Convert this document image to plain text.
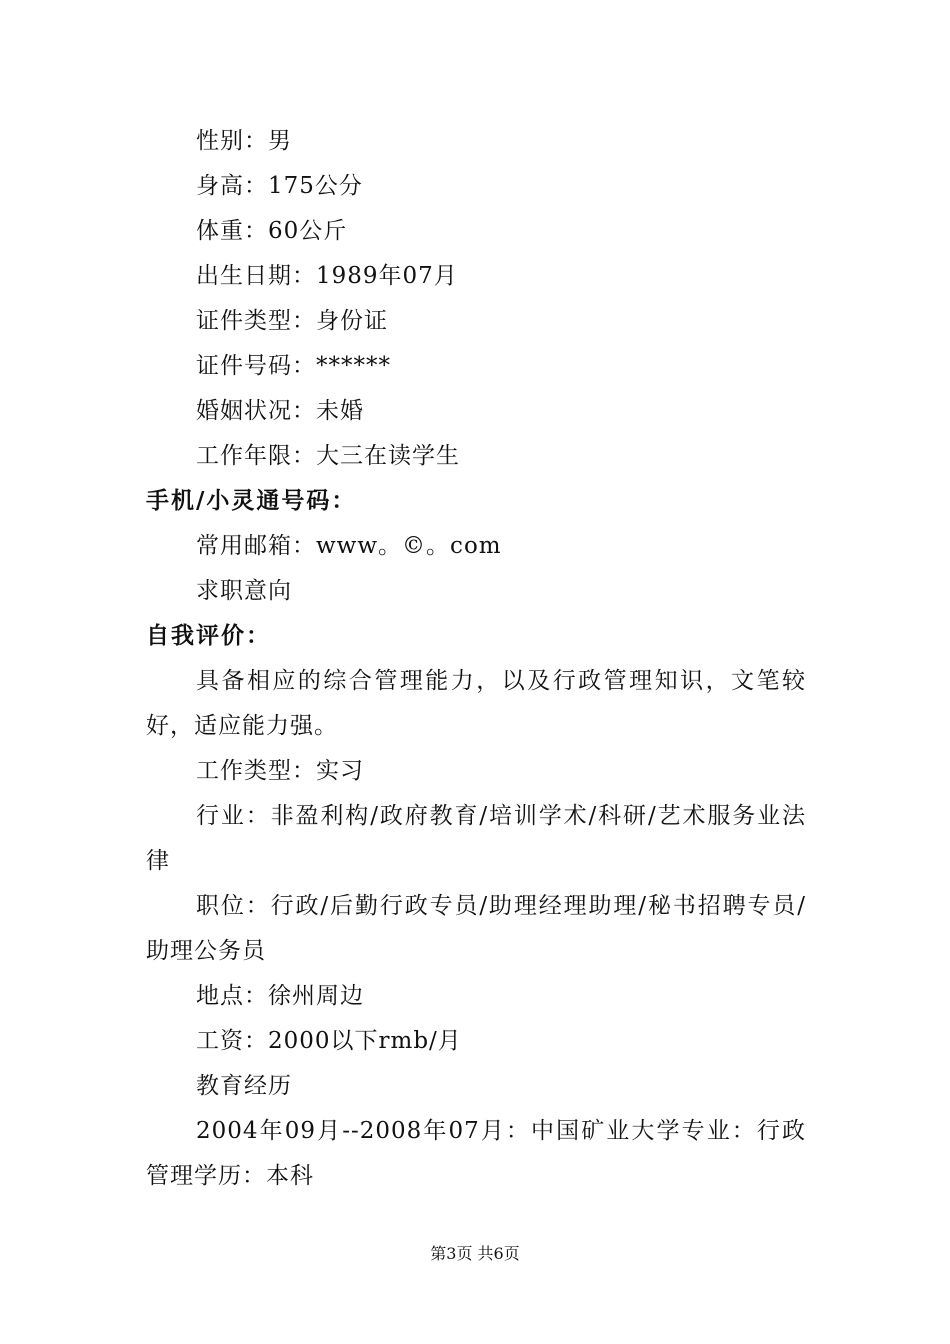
性别：男
身高：175公分
体重：60公斤
出生日期：1989年07月
证件类型：身份证
证件号码：******
婚姻状况：未婚
工作年限：大三在读学生
手机/小灵通号码：
常用邮箱：www。©。com
求职意向
自我评价：

具备相应的综合管理能力，以及行政管理知识，文笔较好，适应能力强。

工作类型：实习

行业：非盈利构/政府教育/培训学术/科研/艺术服务业法律

职位：行政/后勤行政专员/助理经理助理/秘书招聘专员/助理公务员

地点：徐州周边
工资：2000以下rmb/月
教育经历

2004年09月--2008年07月：中国矿业大学专业：行政管理学历：本科

第3页 共6页
